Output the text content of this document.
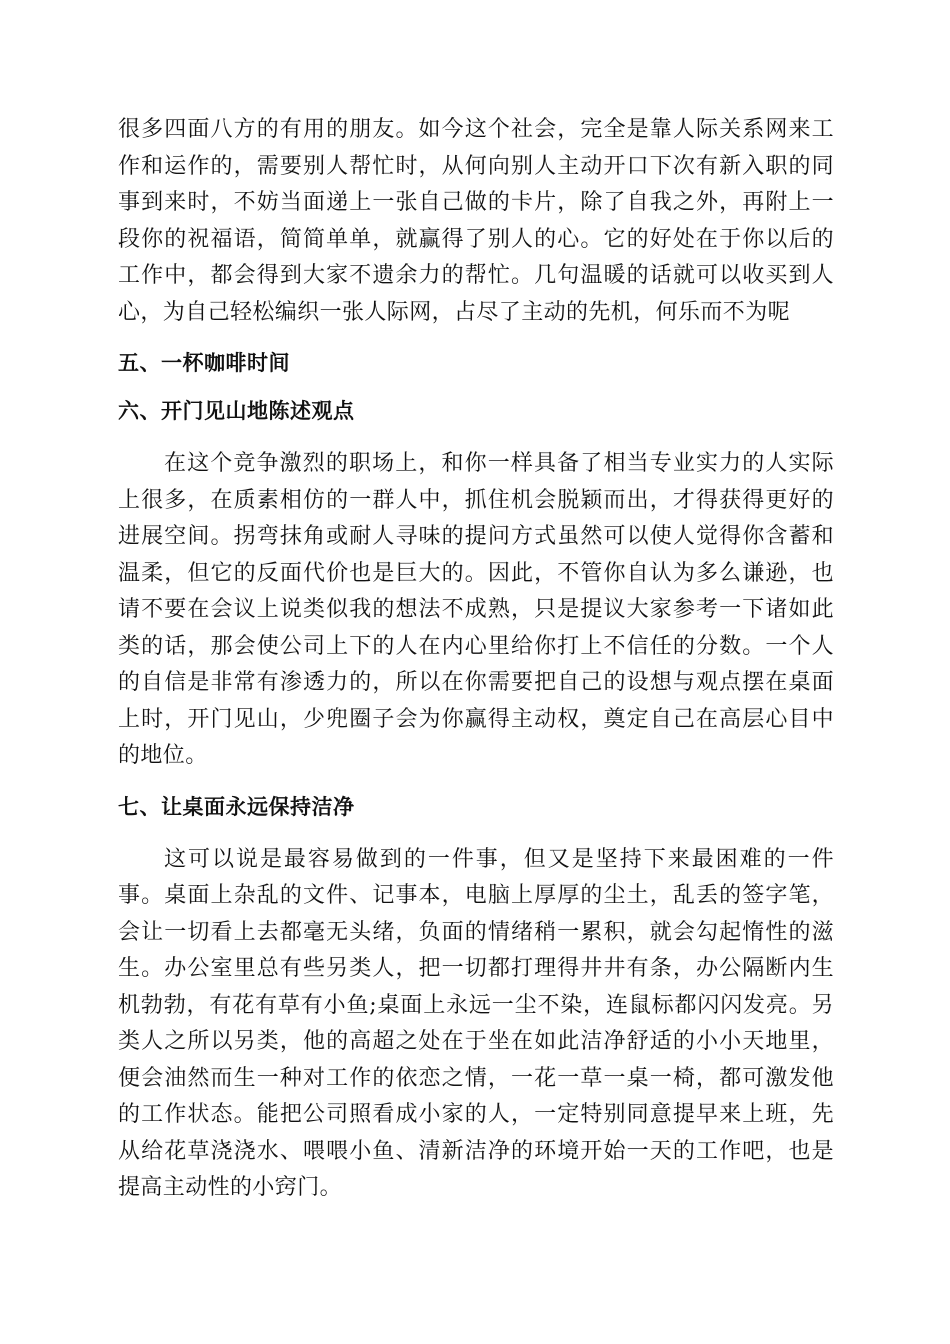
很多四面八方的有用的朋友。如今这个社会，完全是靠人际关系网来工作和运作的，需要别人帮忙时，从何向别人主动开口下次有新入职的同事到来时，不妨当面递上一张自己做的卡片，除了自我之外，再附上一段你的祝福语，简简单单，就赢得了别人的心。它的好处在于你以后的工作中，都会得到大家不遗余力的帮忙。几句温暖的话就可以收买到人心，为自己轻松编织一张人际网，占尽了主动的先机，何乐而不为呢

五、一杯咖啡时间
六、开门见山地陈述观点

在这个竞争激烈的职场上，和你一样具备了相当专业实力的人实际上很多，在质素相仿的一群人中，抓住机会脱颖而出，才得获得更好的进展空间。拐弯抹角或耐人寻味的提问方式虽然可以使人觉得你含蓄和温柔，但它的反面代价也是巨大的。因此，不管你自认为多么谦逊，也请不要在会议上说类似我的想法不成熟，只是提议大家参考一下诸如此类的话，那会使公司上下的人在内心里给你打上不信任的分数。一个人的自信是非常有渗透力的，所以在你需要把自己的设想与观点摆在桌面上时，开门见山，少兜圈子会为你赢得主动权，奠定自己在高层心目中的地位。

七、让桌面永远保持洁净

这可以说是最容易做到的一件事，但又是坚持下来最困难的一件事。桌面上杂乱的文件、记事本，电脑上厚厚的尘土，乱丢的签字笔，会让一切看上去都毫无头绪，负面的情绪稍一累积，就会勾起惰性的滋生。办公室里总有些另类人，把一切都打理得井井有条，办公隔断内生机勃勃，有花有草有小鱼;桌面上永远一尘不染，连鼠标都闪闪发亮。另类人之所以另类，他的高超之处在于坐在如此洁净舒适的小小天地里，便会油然而生一种对工作的依恋之情，一花一草一桌一椅，都可激发他的工作状态。能把公司照看成小家的人，一定特别同意提早来上班，先从给花草浇浇水、喂喂小鱼、清新洁净的环境开始一天的工作吧，也是提高主动性的小窍门。
